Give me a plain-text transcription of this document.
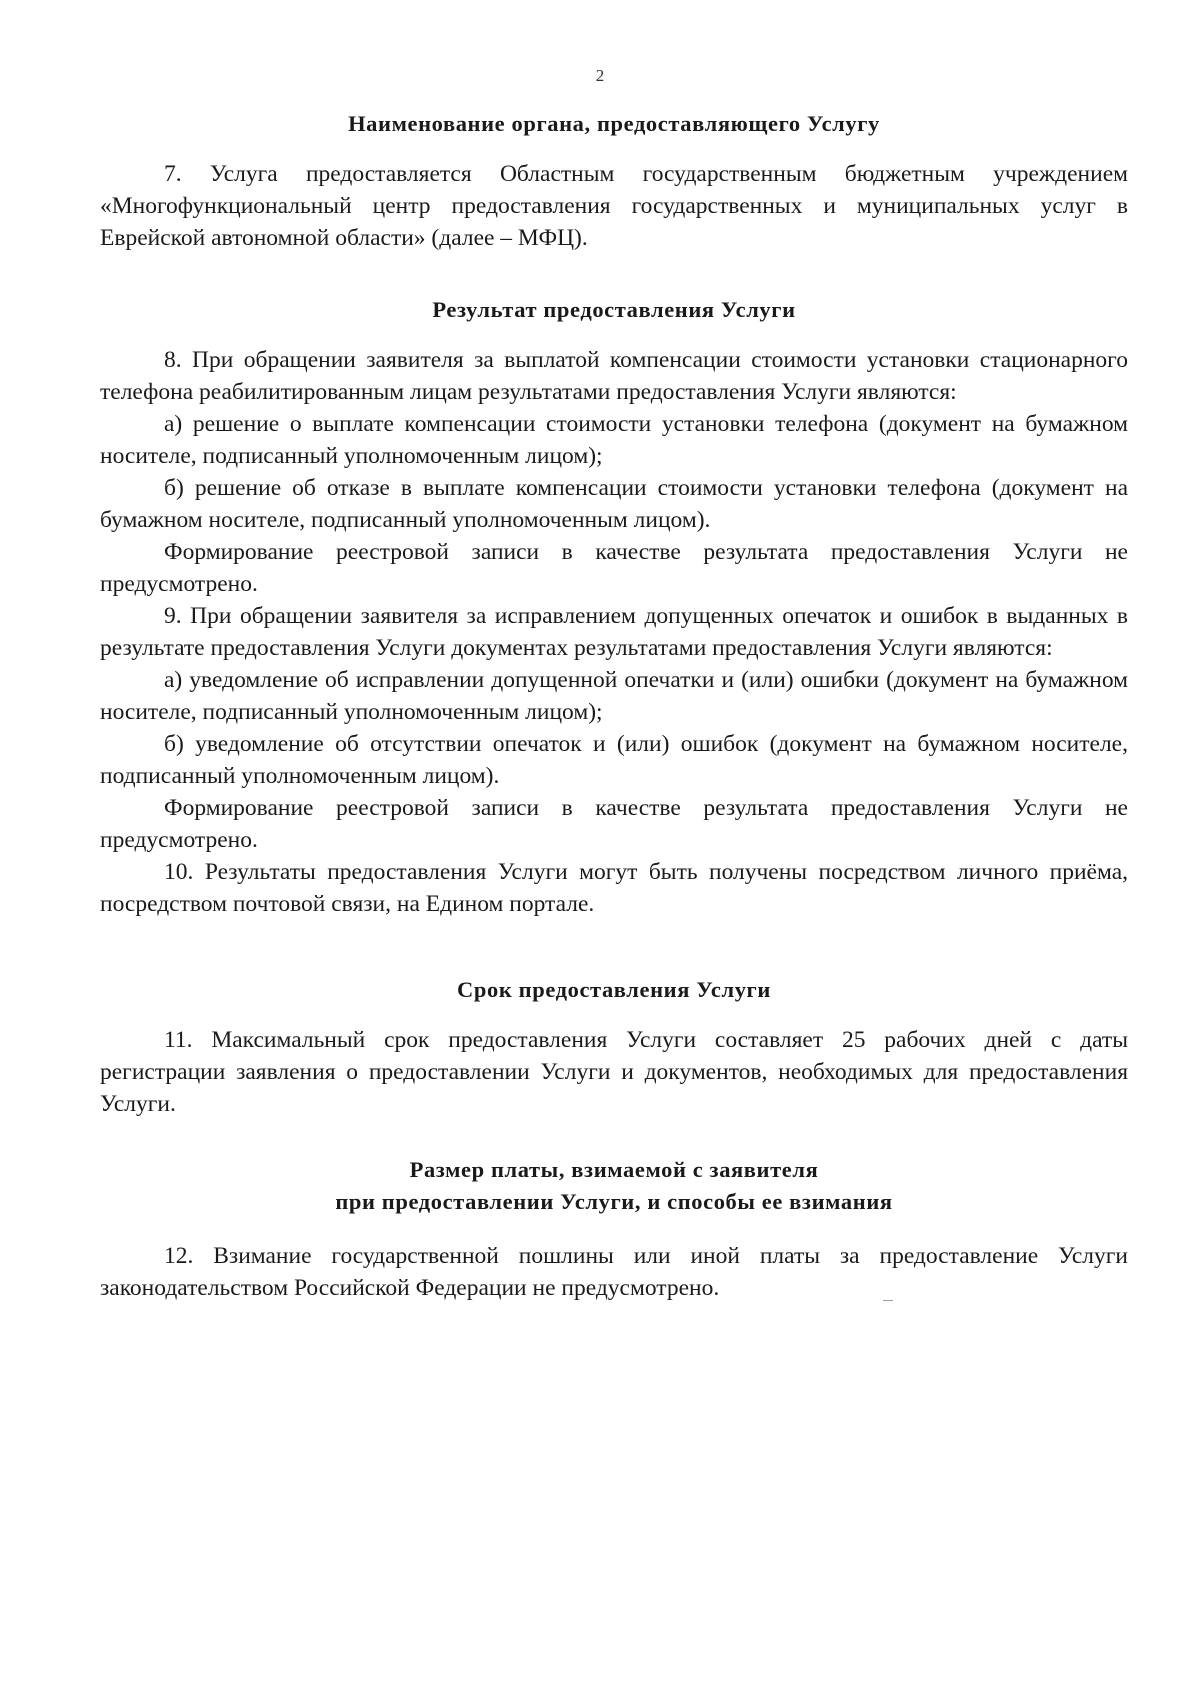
2
Наименование органа, предоставляющего Услугу

7. Услуга предоставляется Областным государственным бюджетным учреждением «Многофункциональный центр предоставления государственных и муниципальных услуг в Еврейской автономной области» (далее – МФЦ).

Результат предоставления Услуги

8. При обращении заявителя за выплатой компенсации стоимости установки стационарного телефона реабилитированным лицам результатами предоставления Услуги являются:

а) решение о выплате компенсации стоимости установки телефона (документ на бумажном носителе, подписанный уполномоченным лицом);

б) решение об отказе в выплате компенсации стоимости установки телефона (документ на бумажном носителе, подписанный уполномоченным лицом).

Формирование реестровой записи в качестве результата предоставления Услуги не предусмотрено.

9. При обращении заявителя за исправлением допущенных опечаток и ошибок в выданных в результате предоставления Услуги документах результатами предоставления Услуги являются:

а) уведомление об исправлении допущенной опечатки и (или) ошибки (документ на бумажном носителе, подписанный уполномоченным лицом);

б) уведомление об отсутствии опечаток и (или) ошибок (документ на бумажном носителе, подписанный уполномоченным лицом).

Формирование реестровой записи в качестве результата предоставления Услуги не предусмотрено.

10. Результаты предоставления Услуги могут быть получены посредством личного приёма, посредством почтовой связи, на Едином портале.

Срок предоставления Услуги

11. Максимальный срок предоставления Услуги составляет 25 рабочих дней с даты регистрации заявления о предоставлении Услуги и документов, необходимых для предоставления Услуги.

Размер платы, взимаемой с заявителя
при предоставлении Услуги, и способы ее взимания

12. Взимание государственной пошлины или иной платы за предоставление Услуги законодательством Российской Федерации не предусмотрено.
